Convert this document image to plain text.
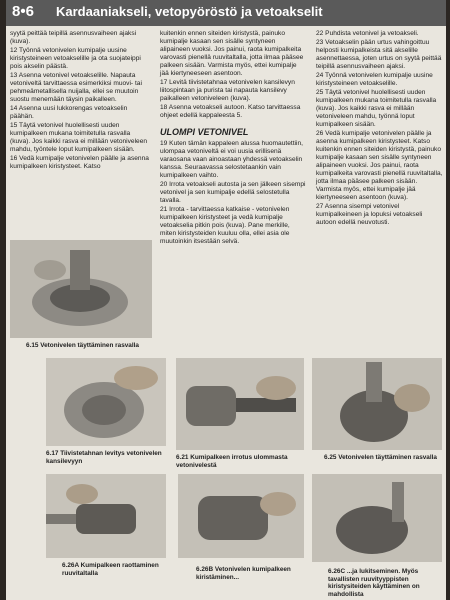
8•6 Kardaaniakseli, vetopyöröstö ja vetoakselit

syytä peittää teipillä asennusvaiheen ajaksi (kuva).

12 Työnnä vetonivelen kumipalje uusine kiristysteineen vetoakselille ja ota suojateippi pois akselin päästä.

13 Asenna vetonivel vetoakselille. Napauta vetoniveltä tarvittaessa esimerkiksi muovi- tai pehmeämetallisella nuijalla, ellei se muutoin suostu menemään täysin paikalleen.

14 Asenna uusi lukkorengas vetoakselin päähän.

15 Täytä vetonivel huolellisesti uuden kumipalkeen mukana toimitetulla rasvalla (kuva). Jos kaikki rasva ei millään vetoniveleen mahdu, työntele loput kumipalkeen sisään.

16 Vedä kumipalje vetonivelen päälle ja asenna kumipalkeen kiristysteet. Katso

kuitenkin ennen siteiden kiristystä, painuko kumipalje kasaan sen sisälle syntyneen alipaineen vuoksi. Jos painui, raota kumipalkeita varovasti pienellä ruuvitaltalla, jotta ilmaa pääsee palkeen sisään. Varmista myös, ettei kumipalje jää kiertyneeseen asentoon.

17 Levitä tiivistetahnaa vetonivelen kansilevyn liitospintaan ja purista tai napauta kansilevy paikalleen vetoniveleen (kuva).

18 Asenna vetoakseli autoon. Katso tarvittaessa ohjeet edellä kappaleesta 5.

ULOMPI VETONIVEL

19 Kuten tämän kappaleen alussa huomautettiin, ulompaa vetoniveltä ei voi uusia erillisenä varaosana vaan ainoastaan yhdessä vetoakselin kanssa. Seuraavassa selostetaankin vain kumipalkeen vaihto.

20 Irrota vetoakseli autosta ja sen jälkeen sisempi vetonivel ja sen kumipalje edellä selostetulla tavalla.

21 Irrota - tarvittaessa katkaise - vetonivelen kumipalkeen kiristysteet ja vedä kumipalje vetoakselia pitkin pois (kuva). Pane merkille, miten kiristysteiden kuuluu olla, ellei asia ole muutoinkin itsestään selvä.

22 Puhdista vetonivel ja vetoakseli.

23 Vetoakselin pään urtus vahingoittuu helposti kumipalkeista sitä akselille asennettaessa, joten urtus on syytä peittää teipillä asennusvaiheen ajaksi.

24 Työnnä vetonivelen kumipalje uusine kiristysteineen vetoakselille.

25 Täytä vetonivel huolellisesti uuden kumipalkeen mukana toimitetulla rasvalla (kuva). Jos kaikki rasva ei millään vetoniveleen mahdu, työnnä loput kumipalkeen sisään.

26 Vedä kumipalje vetonivelen päälle ja asenna kumipalkeen kiristysteet. Katso kuitenkin ennen siteiden kiristystä, painuko kumipalje kasaan sen sisälle syntyneen alipaineen vuoksi. Jos painui, raota kumipalkeita varovasti pienellä ruuvitaltalla, jotta ilmaa pääsee palkeen sisään. Varmista myös, ettei kumipalje jää kiertyneeseen asentoon (kuva).

27 Asenna sisempi vetonivel kumipalkeineen ja lopuksi vetoakseli autoon edellä neuvotusti.

6.15 Vetonivelen täyttäminen rasvalla
6.17 Tiivistetahnan levitys vetonivelen kansilevyyn
6.21 Kumipalkeen irrotus ulommasta vetonivelestä
6.25 Vetonivelen täyttäminen rasvalla
6.26A Kumipalkeen raottaminen ruuvitaltalla
6.26B Vetonivelen kumipalkeen kiristäminen...
6.26C ...ja lukitseminen. Myös tavallisten ruuvityyppisten kiristysiteiden käyttäminen on mahdollista
